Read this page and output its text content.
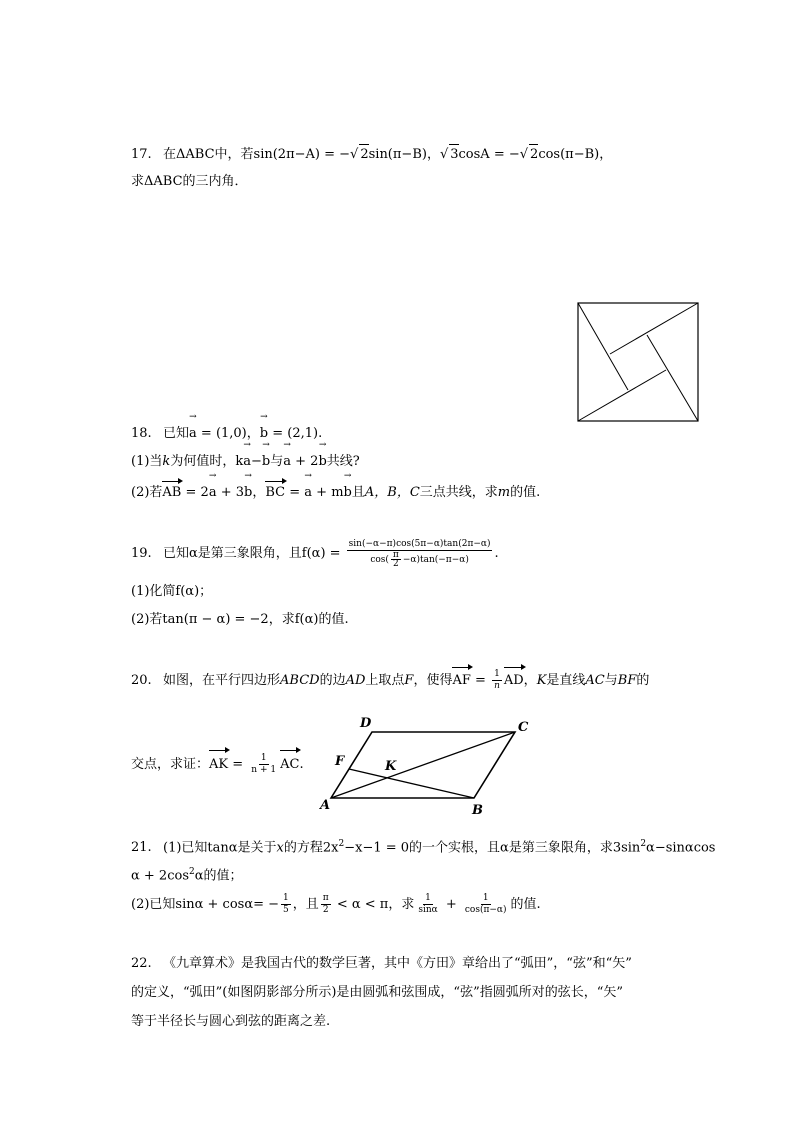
17. 在ΔABC中，若sin(2π−A) = −√ 2sin(π−B)，√ 3cosA = −√ 2cos(π−B)，
求ΔABC的三内角．
18. 已知→ a = (1,0)，→ b = (2,1).
(1)当k为何值时，k→ a−→ b与→ a + 2→ b共线?
(2)若AB = 2→ a + 3→ b，BC = → a + m→ b且A，B，C三点共线，求m的值.
19. 已知α是第三象限角，且$f(\alpha) = \frac{\sin(-\alpha-\pi)\cos(5\pi-\alpha)\tan(2\pi-\alpha)}{\cos( \frac{\pi}{2} -\alpha)\tan(-\pi-\alpha)}$ .
(1)化简f(α)；
(2)若tan(π − α) = −2，求f(α)的值.
20. 如图，在平行四边形ABCD的边AD上取点F，使得AF = $\frac{1}{n}$ AD，K是直线AC与BF的
交点，求证：AK = $\frac{1}{n + 1}$ AC.
A	B
C
D
F	K
21. (1)已知tanα是关于x的方程$2x^2-x-1 = 0$的一个实根，且α是第三象限角，求$3\sin^2\alpha-\sin\alpha\cos$
$\alpha + 2\cos^2\alpha$的值；
(2)已知$\sin\alpha + \cos\alpha= - \frac{1}{5}$ ，且 $\frac{\pi}{2} < \alpha < \pi$，求 $\frac{1}{\sin\alpha} + \frac{1}{\cos(\pi-\alpha)}$ 的值.
22. 《九章算术》是我国古代的数学巨著，其中《方田》章给出了“弧田”，“弦”和“矢”
的定义，“弧田”(如图阴影部分所示)是由圆弧和弦围成，“弦”指圆弧所对的弦长，“矢”
等于半径长与圆心到弦的距离之差.
